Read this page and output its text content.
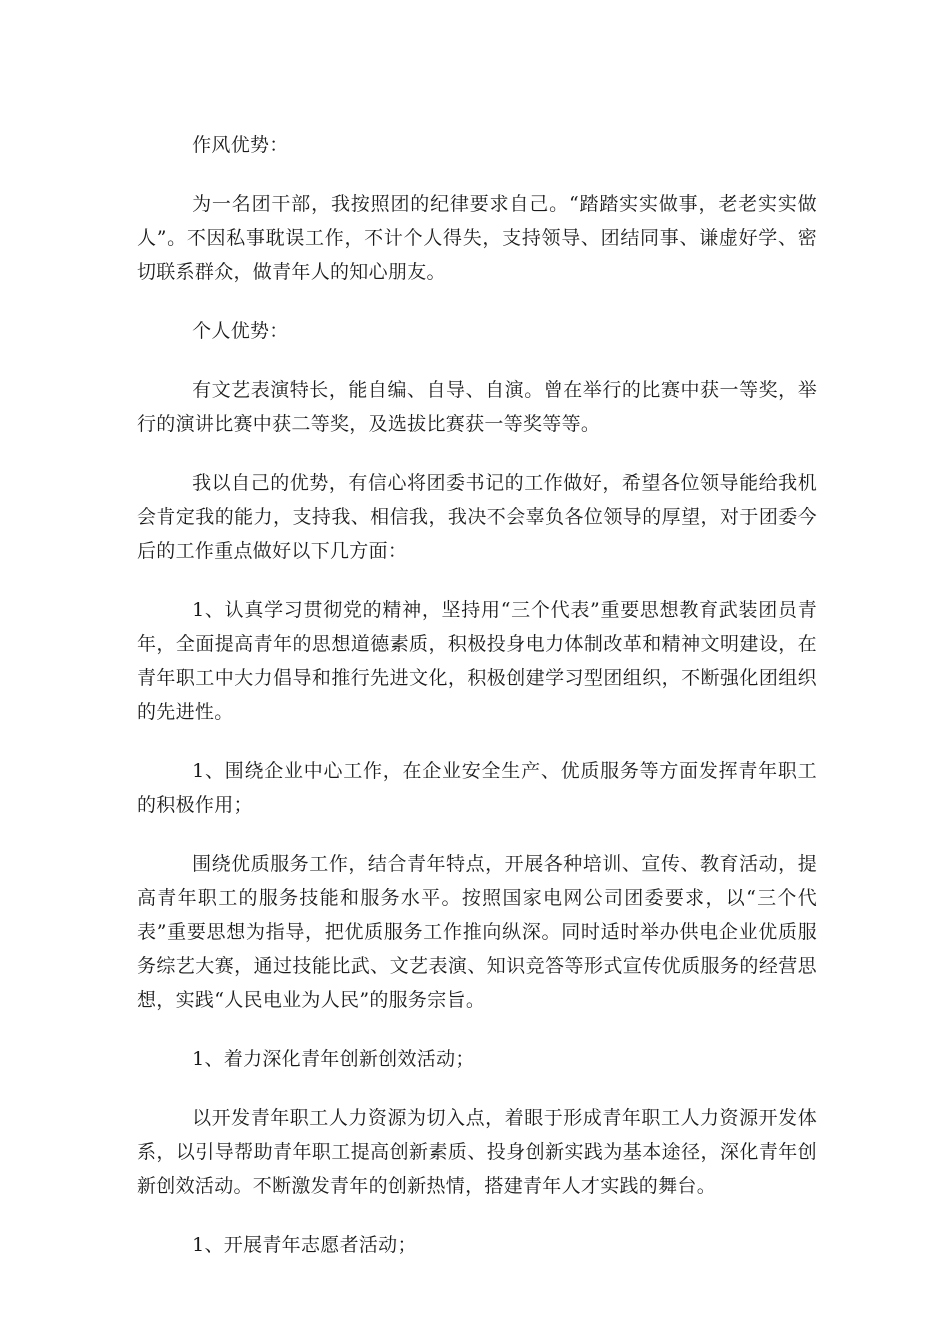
作风优势：

为一名团干部，我按照团的纪律要求自己。“踏踏实实做事，老老实实做人”。不因私事耽误工作，不计个人得失，支持领导、团结同事、谦虚好学、密切联系群众，做青年人的知心朋友。

个人优势：

有文艺表演特长，能自编、自导、自演。曾在举行的比赛中获一等奖，举行的演讲比赛中获二等奖，及选拔比赛获一等奖等等。

我以自己的优势，有信心将团委书记的工作做好，希望各位领导能给我机会肯定我的能力，支持我、相信我，我决不会辜负各位领导的厚望，对于团委今后的工作重点做好以下几方面：

1、认真学习贯彻党的精神，坚持用“三个代表”重要思想教育武装团员青年，全面提高青年的思想道德素质，积极投身电力体制改革和精神文明建设，在青年职工中大力倡导和推行先进文化，积极创建学习型团组织，不断强化团组织的先进性。

1、围绕企业中心工作，在企业安全生产、优质服务等方面发挥青年职工的积极作用；

围绕优质服务工作，结合青年特点，开展各种培训、宣传、教育活动，提高青年职工的服务技能和服务水平。按照国家电网公司团委要求，以“三个代表”重要思想为指导，把优质服务工作推向纵深。同时适时举办供电企业优质服务综艺大赛，通过技能比武、文艺表演、知识竞答等形式宣传优质服务的经营思想，实践“人民电业为人民”的服务宗旨。

1、着力深化青年创新创效活动；

以开发青年职工人力资源为切入点，着眼于形成青年职工人力资源开发体系，以引导帮助青年职工提高创新素质、投身创新实践为基本途径，深化青年创新创效活动。不断激发青年的创新热情，搭建青年人才实践的舞台。

1、开展青年志愿者活动；
